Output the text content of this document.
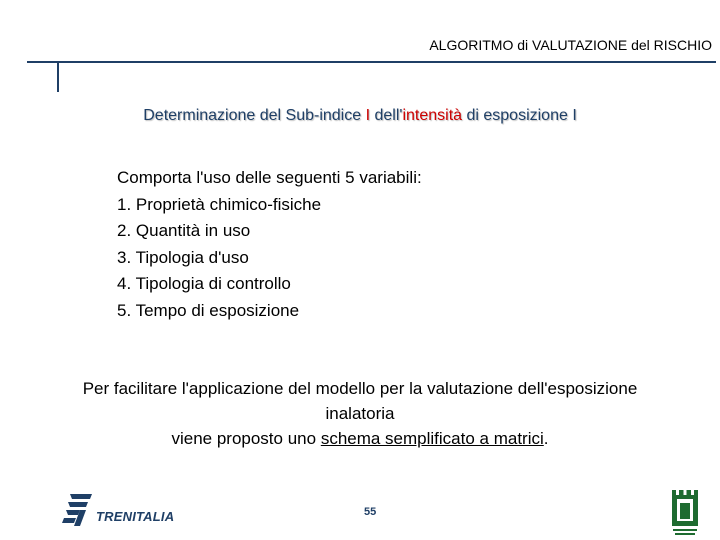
ALGORITMO di VALUTAZIONE del RISCHIO
Determinazione del Sub-indice I dell'intensità di esposizione I
Comporta l'uso delle seguenti 5 variabili:
1. Proprietà chimico-fisiche
2. Quantità in uso
3. Tipologia d'uso
4. Tipologia di controllo
5. Tempo di esposizione
Per facilitare l'applicazione del modello per la valutazione dell'esposizione
inalatoria
viene proposto uno schema semplificato a matrici.
TRENITALIA	55
